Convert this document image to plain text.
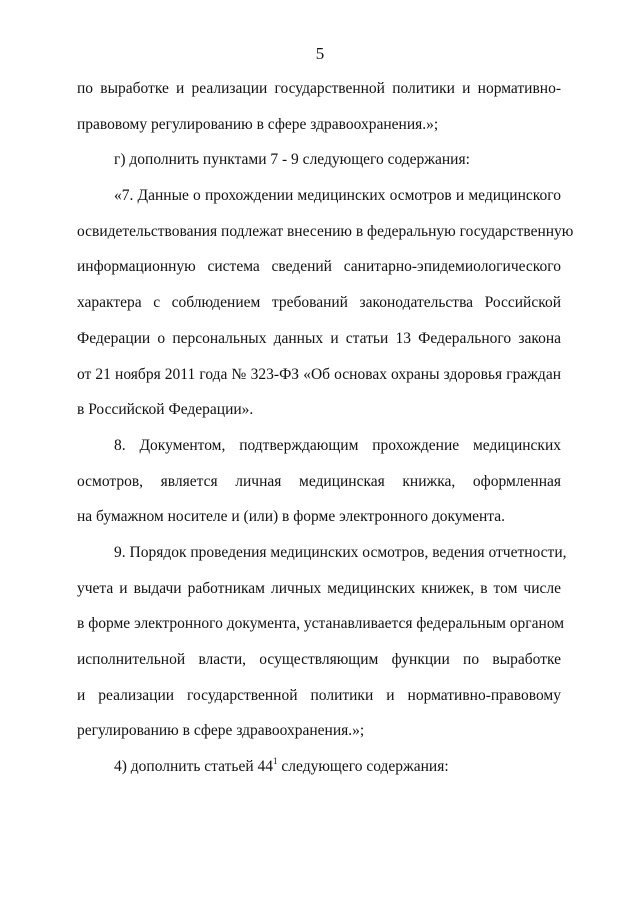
5
по выработке и реализации государственной политики и нормативно-
правовому регулированию в сфере здравоохранения.»;
г) дополнить пунктами 7 - 9 следующего содержания:
«7. Данные о прохождении медицинских осмотров и медицинского
освидетельствования подлежат внесению в федеральную государственную
информационную система сведений санитарно-эпидемиологического
характера с соблюдением требований законодательства Российской
Федерации о персональных данных и статьи 13 Федерального закона
от 21 ноября 2011 года № 323-ФЗ «Об основах охраны здоровья граждан
в Российской Федерации».
8. Документом, подтверждающим прохождение медицинских
осмотров, является личная медицинская книжка, оформленная
на бумажном носителе и (или) в форме электронного документа.
9. Порядок проведения медицинских осмотров, ведения отчетности,
учета и выдачи работникам личных медицинских книжек, в том числе
в форме электронного документа, устанавливается федеральным органом
исполнительной власти, осуществляющим функции по выработке
и реализации государственной политики и нормативно-правовому
регулированию в сфере здравоохранения.»;
4) дополнить статьей $44^1$ следующего содержания:
